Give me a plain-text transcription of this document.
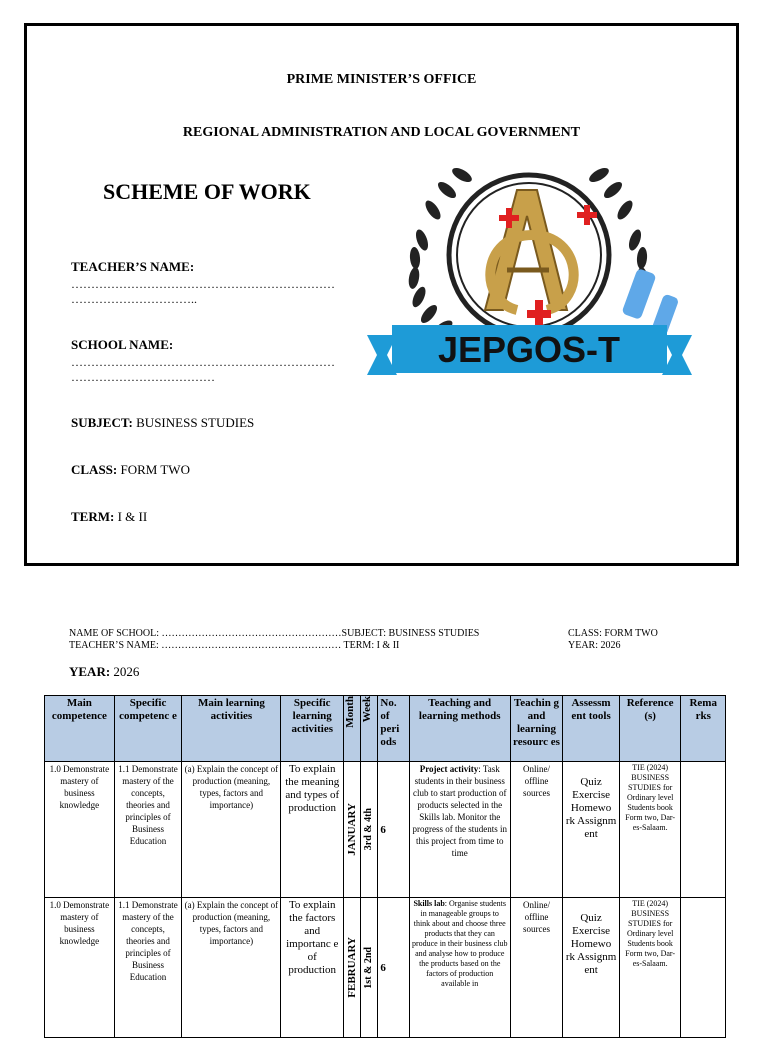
PRIME MINISTER’S OFFICE
REGIONAL ADMINISTRATION AND LOCAL GOVERNMENT
SCHEME OF WORK
TEACHER’S NAME:
…………………………………………………………
…………………………..
SCHOOL NAME:
…………………………………………………………
………………………………
SUBJECT: BUSINESS STUDIES
CLASS: FORM TWO
TERM: I & II
JEPGOS-T
NAME OF SCHOOL: ………………………………………………SUBJECT: BUSINESS STUDIES
TEACHER’S NAME: ……………………………………………… TERM: I & II
CLASS: FORM TWO
YEAR: 2026
YEAR: 2026
Main competence	Specific competenc e	Main learning activities	Specific learning activities	Month	Week	No. of peri ods	Teaching and learning methods	Teachin g and learning resourc es	Assessm ent tools	Reference (s)	Rema rks
1.0 Demonstrate mastery of business knowledge	1.1 Demonstrate mastery of the concepts, theories and principles of Business Education	(a) Explain the concept of production (meaning, types, factors and importance)	To explain the meaning and types of production	JANUARY	3rd & 4th	6	Project activity: Task students in their business club to start production of products selected in the Skills lab. Monitor the progress of the students in this project from time to time	Online/ offline sources	Quiz Exercise Homewo rk Assignm ent	TIE (2024) BUSINESS STUDIES for Ordinary level Students book Form two, Dar-es-Salaam.	
1.0 Demonstrate mastery of business knowledge	1.1 Demonstrate mastery of the concepts, theories and principles of Business Education	(a) Explain the concept of production (meaning, types, factors and importance)	To explain the factors and importanc e of production	FEBRUARY	1st & 2nd	6	Skills lab: Organise students in manageable groups to think about and choose three products that they can produce in their business club and analyse how to produce the products based on the factors of production available in	Online/ offline sources	Quiz Exercise Homewo rk Assignm ent	TIE (2024) BUSINESS STUDIES for Ordinary level Students book Form two, Dar-es-Salaam.	
